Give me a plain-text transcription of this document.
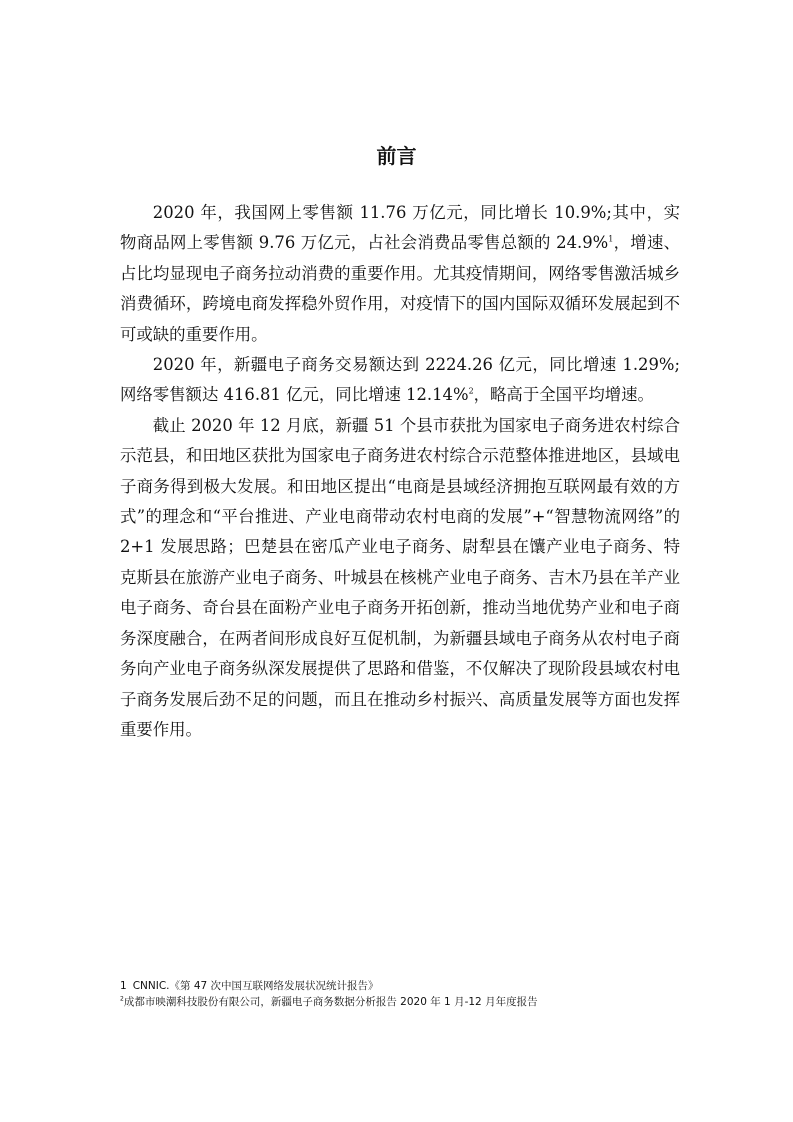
前言

2020 年，我国网上零售额 11.76 万亿元，同比增长 10.9%;其中，实物商品网上零售额 9.76 万亿元，占社会消费品零售总额的 24.9%$^1$，增速、占比均显现电子商务拉动消费的重要作用。尤其疫情期间，网络零售激活城乡消费循环，跨境电商发挥稳外贸作用，对疫情下的国内国际双循环发展起到不可或缺的重要作用。

2020 年，新疆电子商务交易额达到 2224.26 亿元，同比增速 1.29%;网络零售额达 416.81 亿元，同比增速 12.14%$^2$，略高于全国平均增速。

截止 2020 年 12 月底，新疆 51 个县市获批为国家电子商务进农村综合示范县，和田地区获批为国家电子商务进农村综合示范整体推进地区，县域电子商务得到极大发展。和田地区提出“电商是县域经济拥抱互联网最有效的方式”的理念和“平台推进、产业电商带动农村电商的发展”+“智慧物流网络”的 2+1 发展思路；巴楚县在密瓜产业电子商务、尉犁县在馕产业电子商务、特克斯县在旅游产业电子商务、叶城县在核桃产业电子商务、吉木乃县在羊产业电子商务、奇台县在面粉产业电子商务开拓创新，推动当地优势产业和电子商务深度融合，在两者间形成良好互促机制，为新疆县域电子商务从农村电子商务向产业电子商务纵深发展提供了思路和借鉴，不仅解决了现阶段县域农村电子商务发展后劲不足的问题，而且在推动乡村振兴、高质量发展等方面也发挥重要作用。

1 CNNIC.《第 47 次中国互联网络发展状况统计报告》

$^2$成都市映潮科技股份有限公司，新疆电子商务数据分析报告 2020 年 1 月-12 月年度报告
